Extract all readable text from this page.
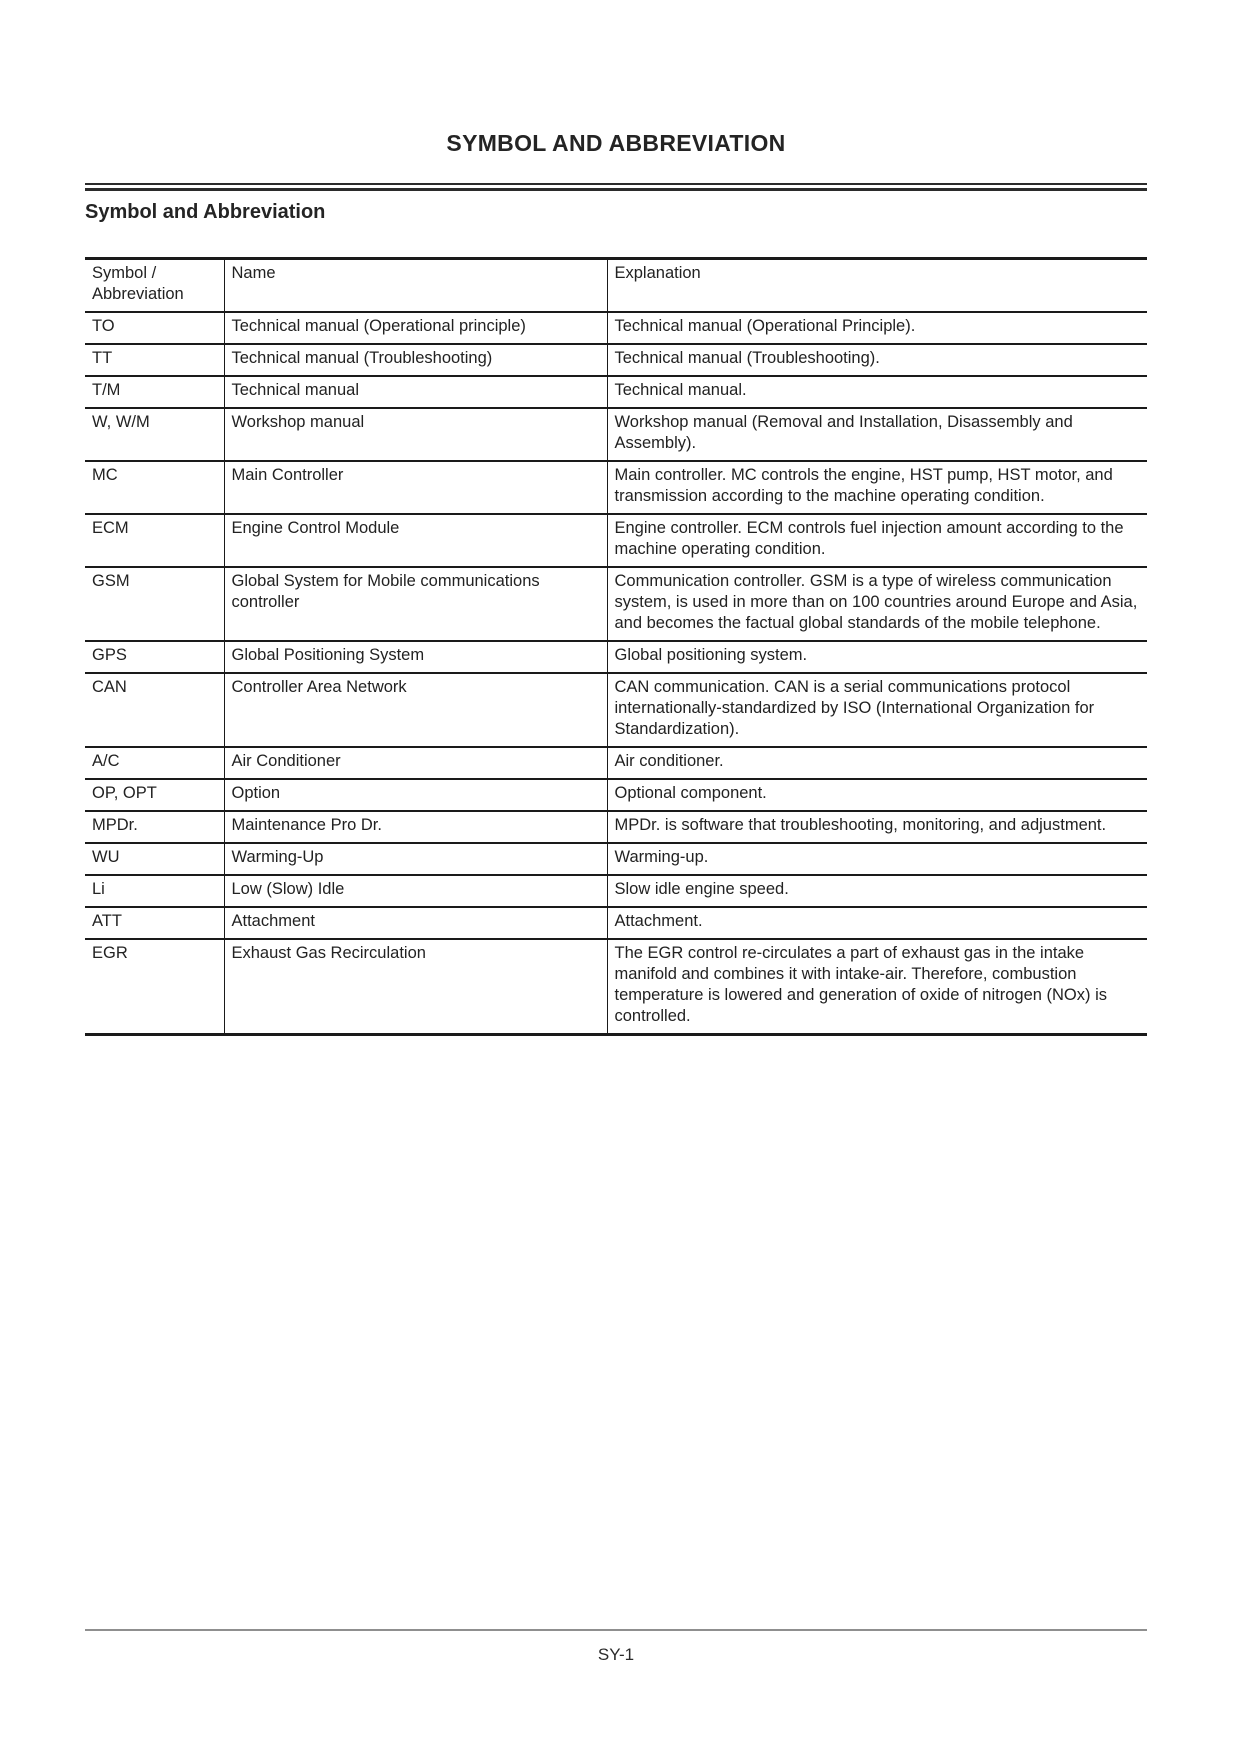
SYMBOL AND ABBREVIATION
Symbol and Abbreviation
Symbol / Abbreviation	Name	Explanation
TO	Technical manual (Operational principle)	Technical manual (Operational Principle).
TT	Technical manual (Troubleshooting)	Technical manual (Troubleshooting).
T/M	Technical manual	Technical manual.
W, W/M	Workshop manual	Workshop manual (Removal and Installation, Disassembly and Assembly).
MC	Main Controller	Main controller. MC controls the engine, HST pump, HST motor, and transmission according to the machine operating condition.
ECM	Engine Control Module	Engine controller. ECM controls fuel injection amount according to the machine operating condition.
GSM	Global System for Mobile communications controller	Communication controller. GSM is a type of wireless communication system, is used in more than on 100 countries around Europe and Asia, and becomes the factual global standards of the mobile telephone.
GPS	Global Positioning System	Global positioning system.
CAN	Controller Area Network	CAN communication. CAN is a serial communications protocol internationally-standardized by ISO (International Organization for Standardization).
A/C	Air Conditioner	Air conditioner.
OP, OPT	Option	Optional component.
MPDr.	Maintenance Pro Dr.	MPDr. is software that troubleshooting, monitoring, and adjustment.
WU	Warming-Up	Warming-up.
Li	Low (Slow) Idle	Slow idle engine speed.
ATT	Attachment	Attachment.
EGR	Exhaust Gas Recirculation	The EGR control re-circulates a part of exhaust gas in the intake manifold and combines it with intake-air. Therefore, combustion temperature is lowered and generation of oxide of nitrogen (NOx) is controlled.
SY-1
